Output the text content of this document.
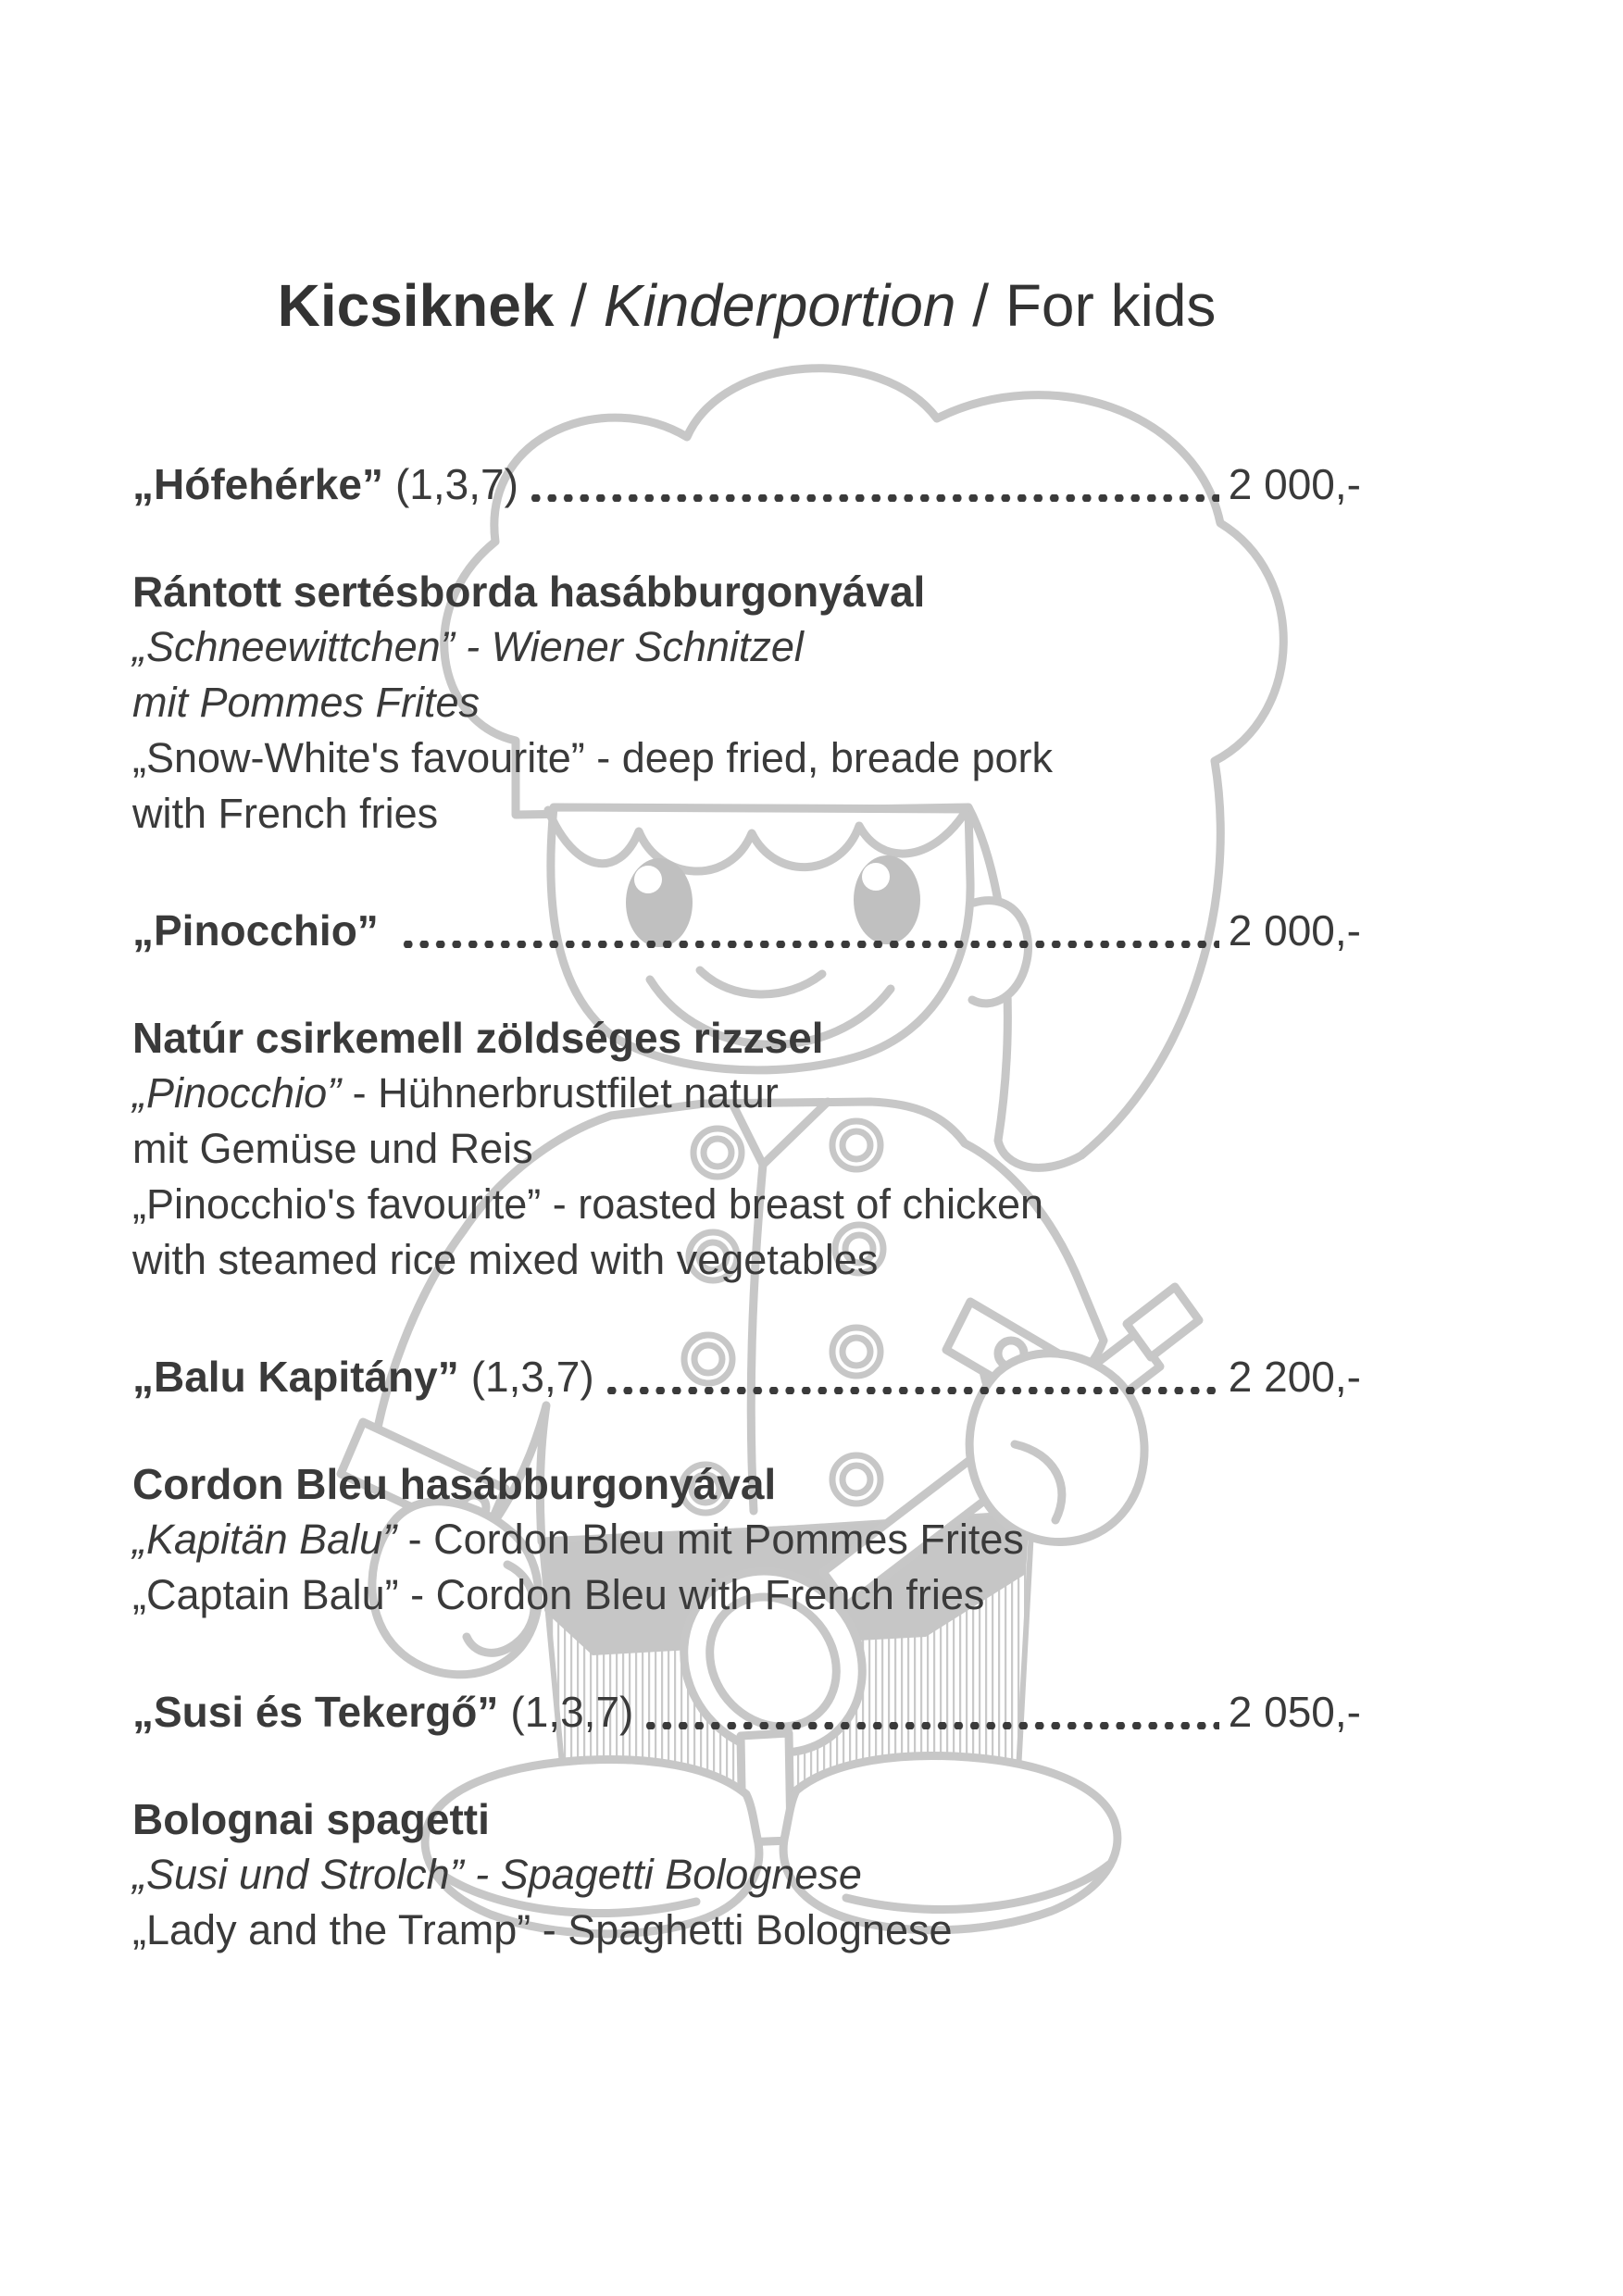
Kicsiknek / Kinderportion / For kids
„Hófehérke” (1,3,7)	2 000,-
Rántott sertésborda hasábburgonyával
„Schneewittchen” - Wiener Schnitzel
mit Pommes Frites
„Snow-White's favourite” - deep fried, breade pork
with French fries
„Pinocchio”	2 000,-
Natúr csirkemell zöldséges rizzsel
„Pinocchio” - Hühnerbrustfilet natur
mit Gemüse und Reis
„Pinocchio's favourite” - roasted breast of chicken
with steamed rice mixed with vegetables
„Balu Kapitány” (1,3,7)	2 200,-
Cordon Bleu hasábburgonyával
„Kapitän Balu” - Cordon Bleu mit Pommes Frites
„Captain Balu” - Cordon Bleu with French fries
„Susi és Tekergő” (1,3,7)	2 050,-
Bolognai spagetti
„Susi und Strolch” - Spagetti Bolognese
„Lady and the Tramp” - Spaghetti Bolognese
